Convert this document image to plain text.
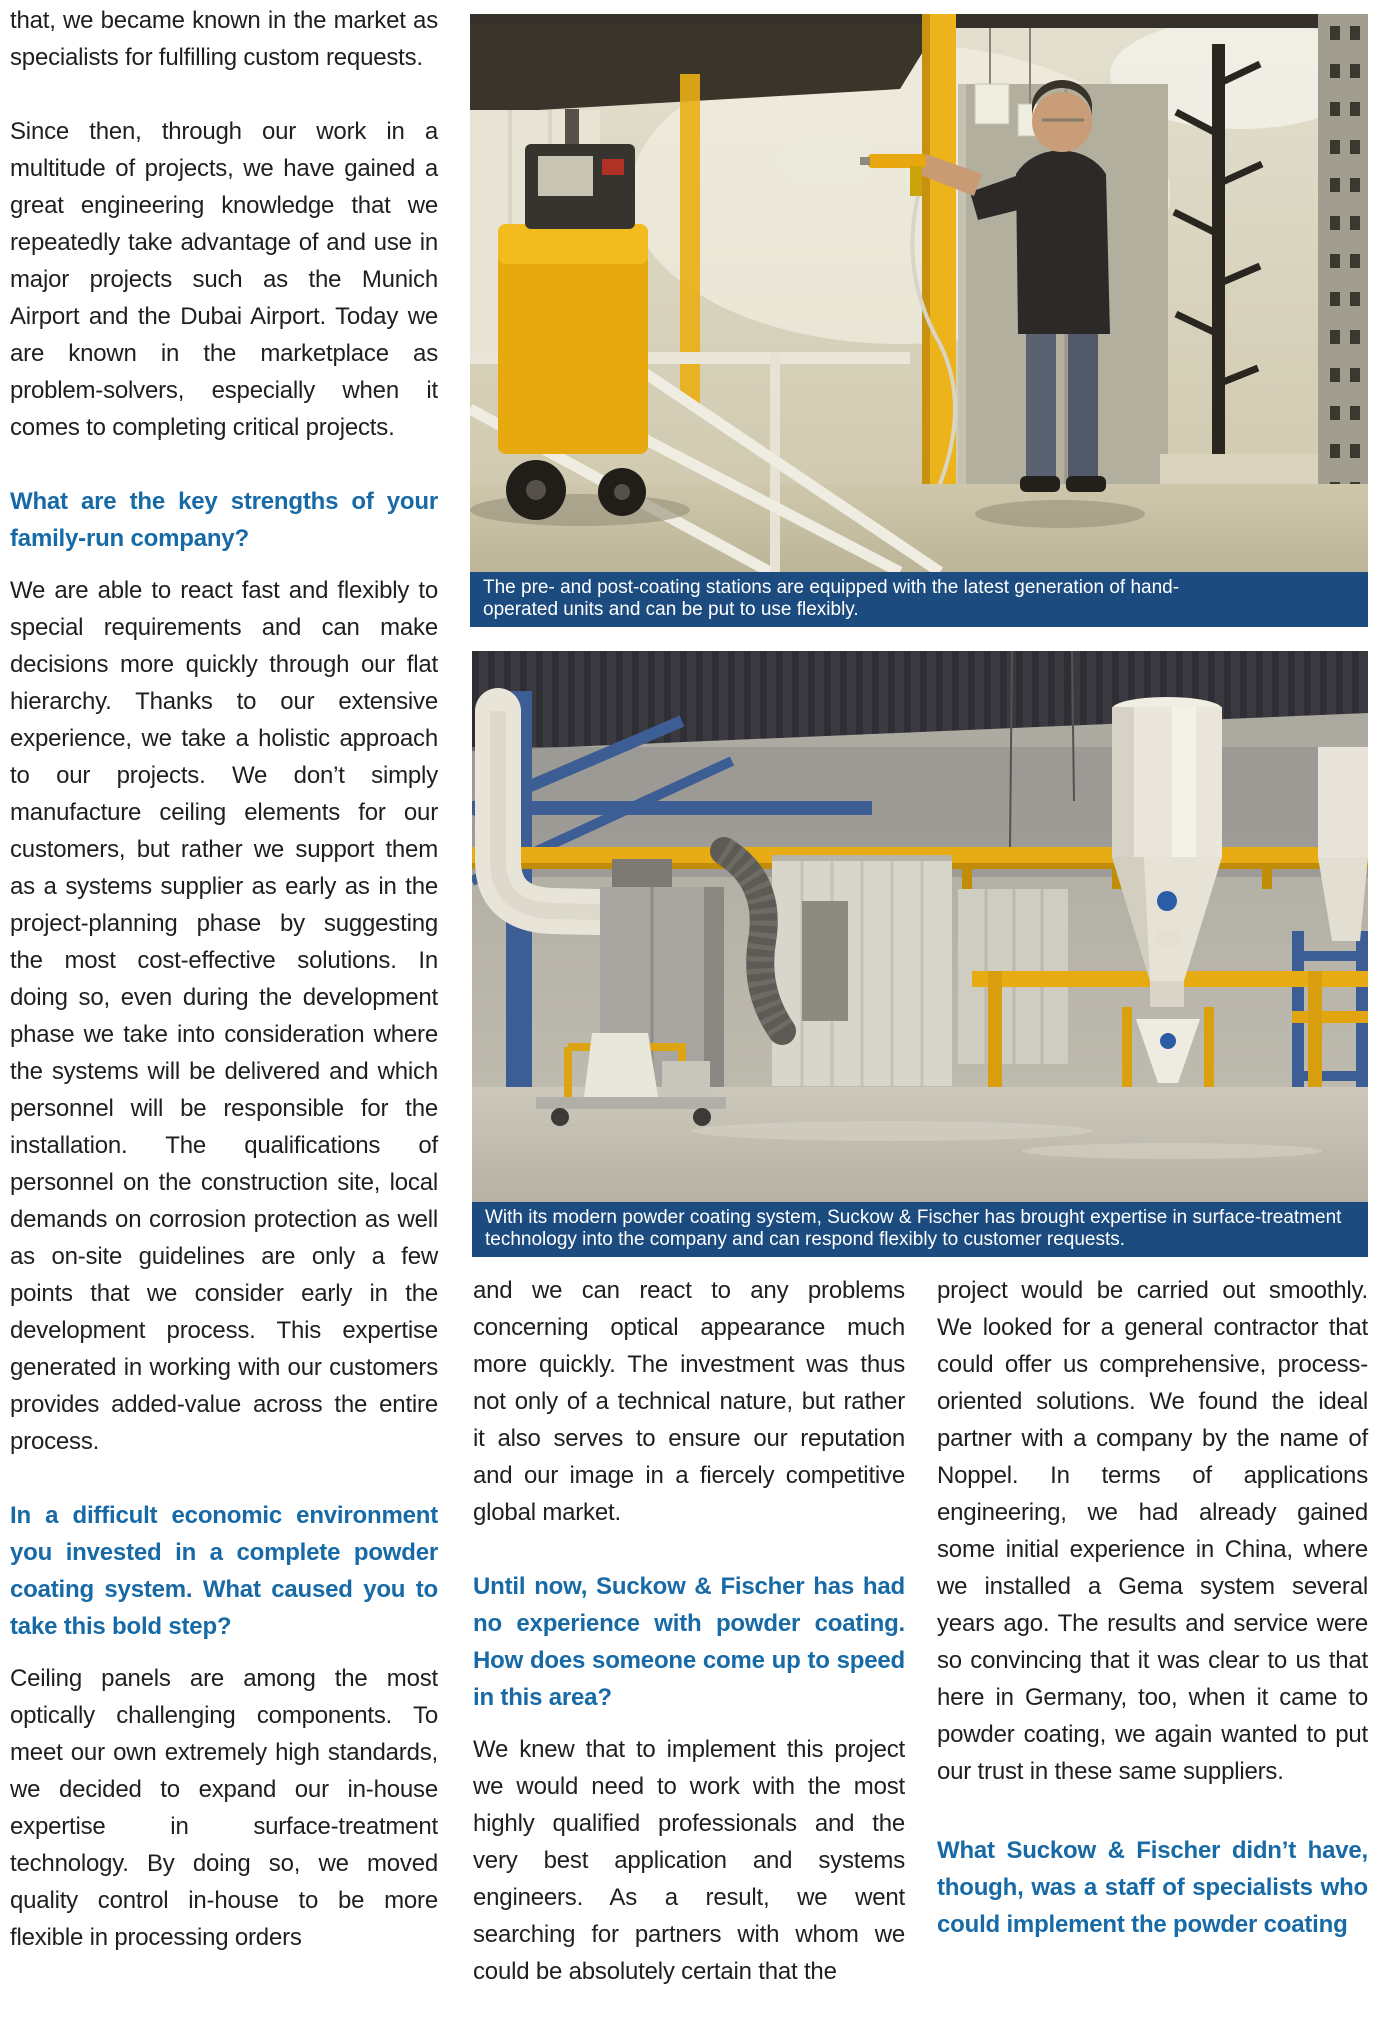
that, we became known in the market as specialists for fulfilling custom requests.

Since then, through our work in a multitude of projects, we have gained a great engineering knowledge that we repeatedly take advantage of and use in major projects such as the Munich Airport and the Dubai Airport. Today we are known in the marketplace as problem-solvers, especially when it comes to completing critical projects.

What are the key strengths of your family-run company?

We are able to react fast and flexibly to special requirements and can make decisions more quickly through our flat hierarchy. Thanks to our extensive experience, we take a holistic approach to our projects. We don’t simply manufacture ceiling elements for our customers, but rather we support them as a systems supplier as early as in the project-planning phase by suggesting the most cost-effective solutions. In doing so, even during the development phase we take into consideration where the systems will be delivered and which personnel will be responsible for the installation. The qualifications of personnel on the construction site, local demands on corrosion protection as well as on-site guidelines are only a few points that we consider early in the development process. This expertise generated in working with our customers provides added-value across the entire process.

In a difficult economic environment you invested in a complete powder coating system. What caused you to take this bold step?

Ceiling panels are among the most optically challenging components. To meet our own extremely high standards, we decided to expand our in-house expertise in surface-treatment technology. By doing so, we moved quality control in-house to be more flexible in processing orders

The pre- and post-coating stations are equipped with the latest generation of hand-operated units and can be put to use flexibly.
With its modern powder coating system, Suckow & Fischer has brought expertise in surface-treatment technology into the company and can respond flexibly to customer requests.

and we can react to any problems concerning optical appearance much more quickly. The investment was thus not only of a technical nature, but rather it also serves to ensure our reputation and our image in a fiercely competitive global market.

Until now, Suckow & Fischer has had no experience with powder coating. How does someone come up to speed in this area?

We knew that to implement this project we would need to work with the most highly qualified professionals and the very best application and systems engineers. As a result, we went searching for partners with whom we could be absolutely certain that the

project would be carried out smoothly. We looked for a general contractor that could offer us comprehensive, process-oriented solutions. We found the ideal partner with a company by the name of Noppel. In terms of applications engineering, we had already gained some initial experience in China, where we installed a Gema system several years ago. The results and service were so convincing that it was clear to us that here in Germany, too, when it came to powder coating, we again wanted to put our trust in these same suppliers.

What Suckow & Fischer didn’t have, though, was a staff of specialists who could implement the powder coating
